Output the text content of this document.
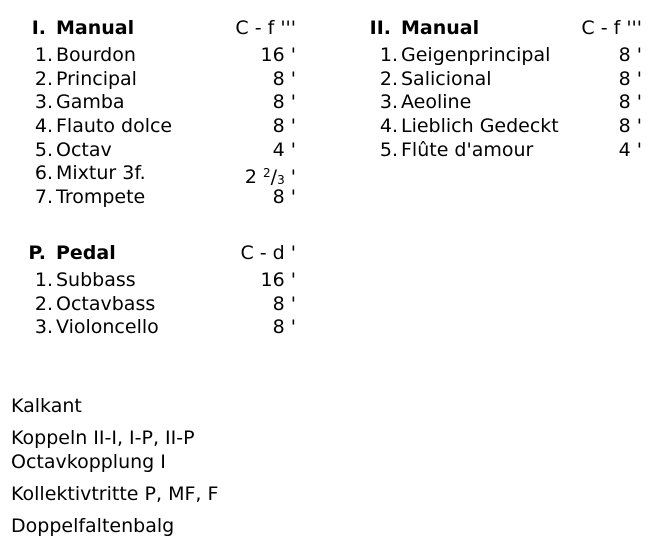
I. Manual	C - f '''
1. Bourdon	16 '
2. Principal	8 '
3. Gamba	8 '
4. Flauto dolce	8 '
5. Octav	4 '
6. Mixtur 3f.	2 $^2$/3 '
7. Trompete	8 '
II. Manual	C - f '''
1. Geigenprincipal	8 '
2. Salicional	8 '
3. Aeoline	8 '
4. Lieblich Gedeckt	8 '
5. Flûte d'amour	4 '
P. Pedal	C - d '
1. Subbass	16 '
2. Octavbass	8 '
3. Violoncello	8 '
Kalkant
Koppeln II-I, I-P, II-P
Octavkopplung I
Kollektivtritte P, MF, F
Doppelfaltenbalg
